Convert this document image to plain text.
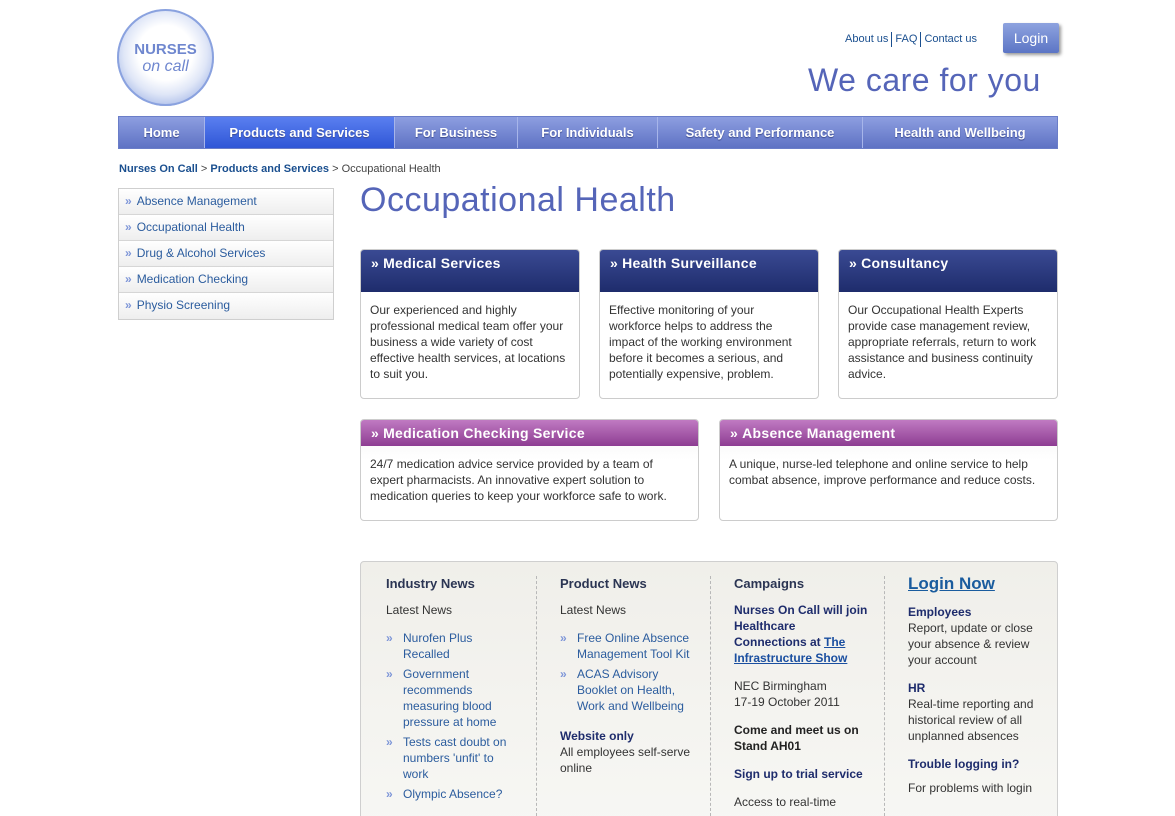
NURSES
on call
About us FAQ Contact us	Login
We care for you
Home	Products and Services	For Business	For Individuals	Safety and Performance	Health and Wellbeing
Nurses On Call > Products and Services > Occupational Health
» Absence Management
» Occupational Health
» Drug & Alcohol Services
» Medication Checking
» Physio Screening
Occupational Health
» Medical Services
Our experienced and highly professional medical team offer your business a wide variety of cost effective health services, at locations to suit you.
» Health Surveillance
Effective monitoring of your workforce helps to address the impact of the working environment before it becomes a serious, and potentially expensive, problem.
» Consultancy
Our Occupational Health Experts provide case management review, appropriate referrals, return to work assistance and business continuity advice.
» Medication Checking Service
24/7 medication advice service provided by a team of expert pharmacists. An innovative expert solution to medication queries to keep your workforce safe to work.
» Absence Management
A unique, nurse-led telephone and online service to help combat absence, improve performance and reduce costs.
Industry News
Latest News
» Nurofen Plus Recalled
» Government recommends measuring blood pressure at home
» Tests cast doubt on numbers 'unfit' to work
» Olympic Absence?
Product News
Latest News
» Free Online Absence Management Tool Kit
» ACAS Advisory Booklet on Health, Work and Wellbeing
Website only
All employees self-serve online
Campaigns
Nurses On Call will join Healthcare Connections at The Infrastructure Show
NEC Birmingham
17-19 October 2011
Come and meet us on Stand AH01
Sign up to trial service
Access to real-time
Login Now
Employees
Report, update or close your absence & review your account
HR
Real-time reporting and historical review of all unplanned absences
Trouble logging in?
For problems with login
